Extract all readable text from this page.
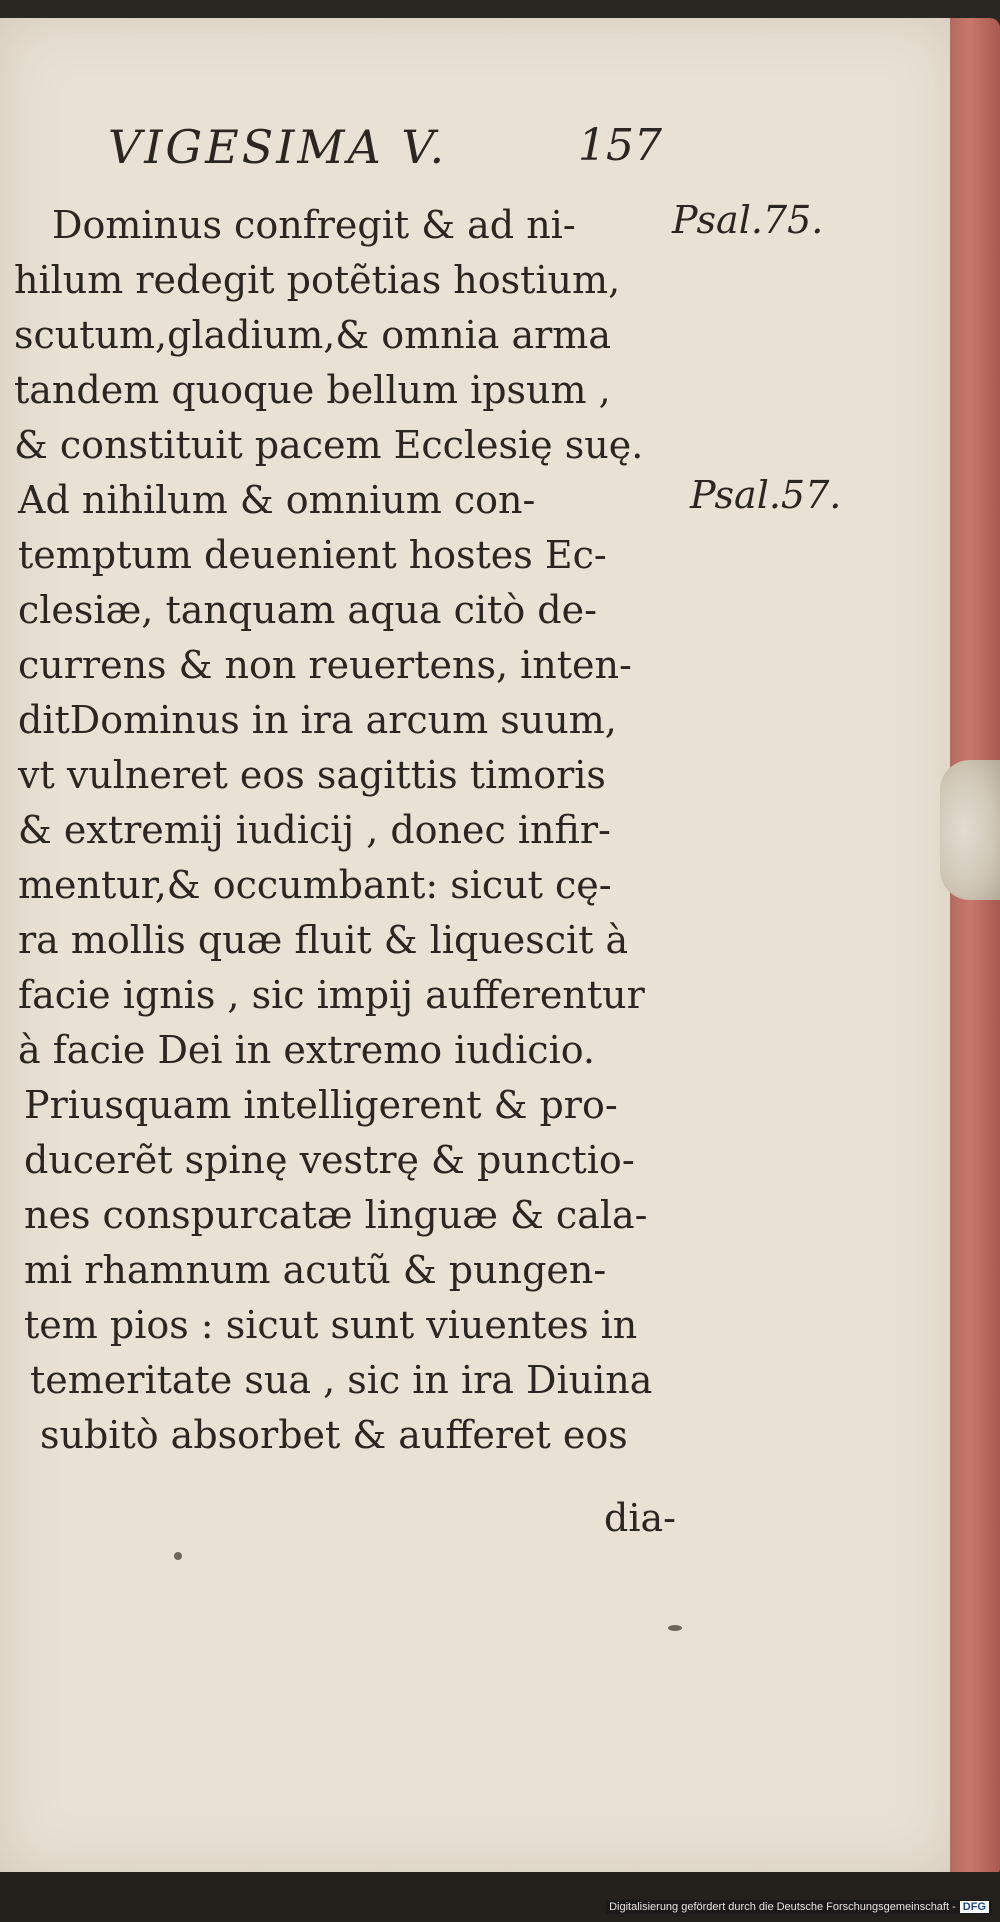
VIGESIMA V.	157
Psal.75.
Psal.57.
Dominus confregit & ad ni-
hilum redegit potẽtias hostium,
scutum,gladium,& omnia arma
tandem quoque bellum ipsum ,
& constituit pacem Ecclesię suę.
Ad nihilum & omnium con-
temptum deuenient hostes Ec-
clesiæ, tanquam aqua citò de-
currens & non reuertens, inten-
ditDominus in ira arcum suum,
vt vulneret eos sagittis timoris
& extremij iudicij , donec infir-
mentur,& occumbant: sicut cę-
ra mollis quæ fluit & liquescit à
facie ignis , sic impij aufferentur
à facie Dei in extremo iudicio.
Priusquam intelligerent & pro-
ducerẽt spinę vestrę & punctio-
nes conspurcatæ linguæ & cala-
mi rhamnum acutũ & pungen-
tem pios : sicut sunt viuentes in
temeritate sua , sic in ira Diuina
subitò absorbet & aufferet eos
dia-
Digitalisierung gefördert durch die Deutsche Forschungsgemeinschaft - DFG
